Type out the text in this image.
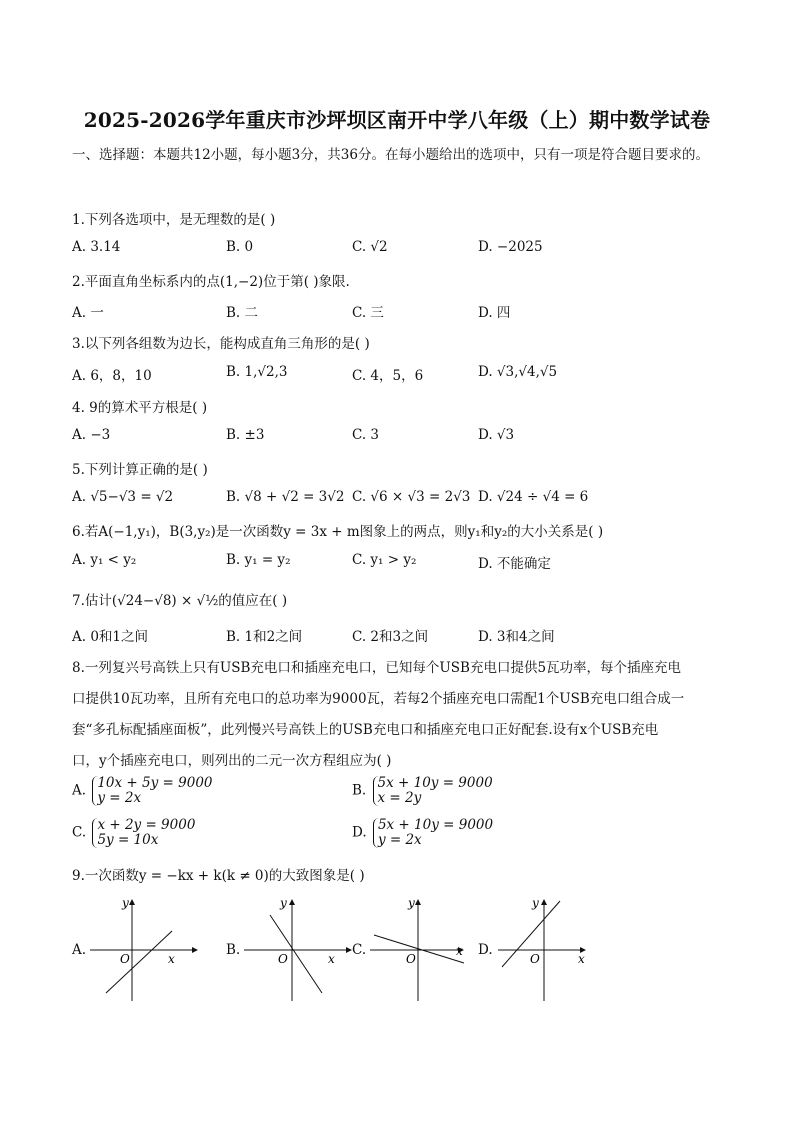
2025-2026学年重庆市沙坪坝区南开中学八年级（上）期中数学试卷
一、选择题：本题共12小题，每小题3分，共36分。在每小题给出的选项中，只有一项是符合题目要求的。
1.下列各选项中，是无理数的是( )
A. 3.14	B. 0	C. √2	D. −2025
2.平面直角坐标系内的点(1,−2)位于第( )象限.
A. 一	B. 二	C. 三	D. 四
3.以下列各组数为边长，能构成直角三角形的是( )
A. 6，8，10	B. 1,√2,3	C. 4，5，6	D. √3,√4,√5
4. 9的算术平方根是( )
A. −3	B. ±3	C. 3	D. √3
5.下列计算正确的是( )
A. √5−√3 = √2	B. √8 + √2 = 3√2 C. √6 × √3 = 2√3 D. √24 ÷ √4 = 6
6.若A(−1,y₁)，B(3,y₂)是一次函数y = 3x + m图象上的两点，则y₁和y₂的大小关系是( )
A. y₁ < y₂	B. y₁ = y₂	C. y₁ > y₂	D. 不能确定
7.估计(√24−√8) × √½的值应在( )
A. 0和1之间	B. 1和2之间	C. 2和3之间	D. 3和4之间
8.一列复兴号高铁上只有USB充电口和插座充电口，已知每个USB充电口提供5瓦功率，每个插座充电
口提供10瓦功率，且所有充电口的总功率为9000瓦，若每2个插座充电口需配1个USB充电口组合成一
套“多孔标配插座面板”，此列慢兴号高铁上的USB充电口和插座充电口正好配套.设有x个USB充电
口，y个插座充电口，则列出的二元一次方程组应为( )
A. 10x + 5y = 9000
y = 2x	B. 5x + 10y = 9000
x = 2y
C. x + 2y = 9000
5y = 10x	D. 5x + 10y = 9000
y = 2x
9.一次函数y = −kx + k(k ≠ 0)的大致图象是( )
A.
x
y
O
B.
x
y
O
C.	x
y
O
D.
x
y
O
